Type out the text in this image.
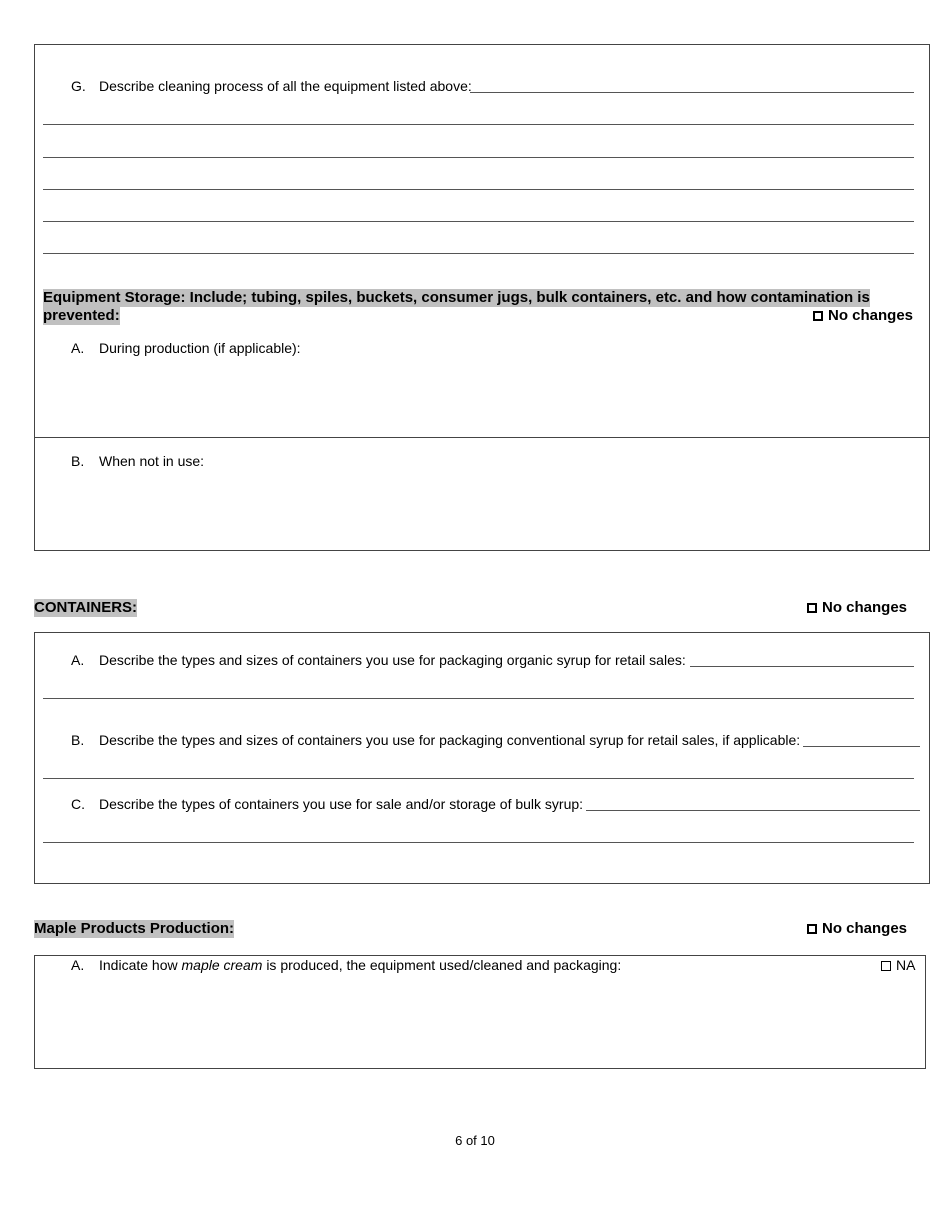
G. Describe cleaning process of all the equipment listed above:
Equipment Storage: Include; tubing, spiles, buckets, consumer jugs, bulk containers, etc. and how contamination is
prevented:	No changes
A. During production (if applicable):
B. When not in use:
CONTAINERS:	No changes
A. Describe the types and sizes of containers you use for packaging organic syrup for retail sales:
B. Describe the types and sizes of containers you use for packaging conventional syrup for retail sales, if applicable:
C. Describe the types of containers you use for sale and/or storage of bulk syrup:
Maple Products Production:	No changes
A. Indicate how maple cream is produced, the equipment used/cleaned and packaging:	NA
6 of 10
